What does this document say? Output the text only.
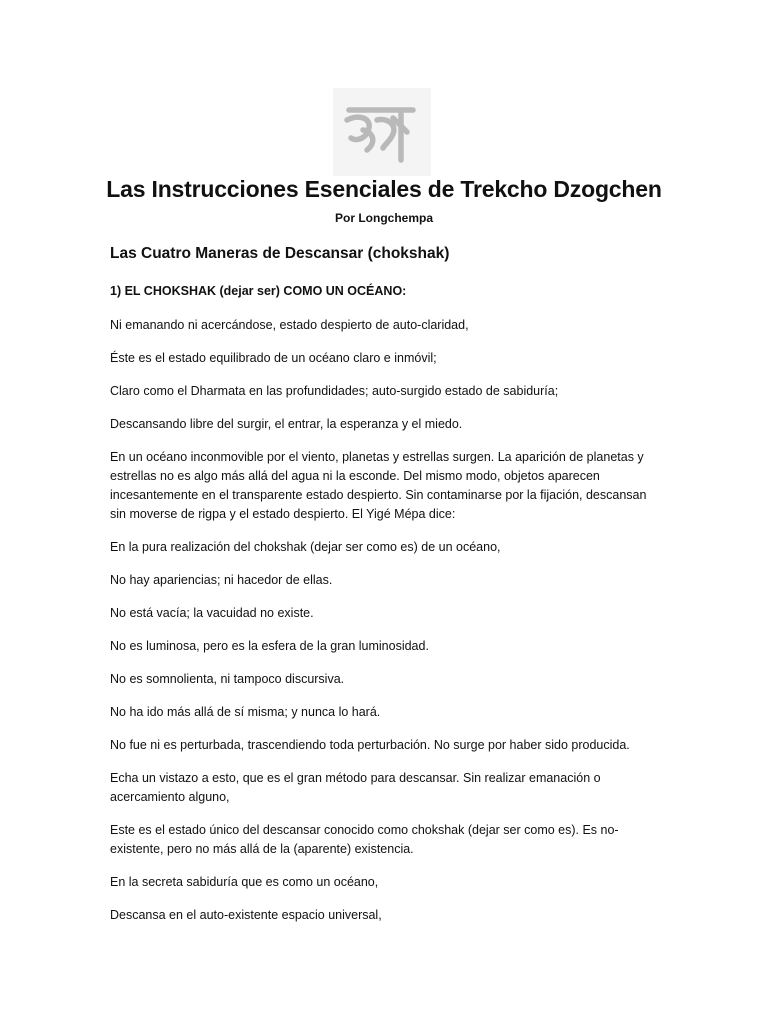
Las Instrucciones Esenciales de Trekcho Dzogchen
Por Longchempa
Las Cuatro Maneras de Descansar (chokshak)

1) EL CHOKSHAK (dejar ser) COMO UN OCÉANO:

Ni emanando ni acercándose, estado despierto de auto-claridad,

Éste es el estado equilibrado de un océano claro e inmóvil;

Claro como el Dharmata en las profundidades; auto-surgido estado de sabiduría;

Descansando libre del surgir, el entrar, la esperanza y el miedo.

En un océano inconmovible por el viento, planetas y estrellas surgen. La aparición de planetas y estrellas no es algo más allá del agua ni la esconde. Del mismo modo, objetos aparecen incesantemente en el transparente estado despierto. Sin contaminarse por la fijación, descansan sin moverse de rigpa y el estado despierto. El Yigé Mépa dice:

En la pura realización del chokshak (dejar ser como es) de un océano,

No hay apariencias; ni hacedor de ellas.

No está vacía; la vacuidad no existe.

No es luminosa, pero es la esfera de la gran luminosidad.

No es somnolienta, ni tampoco discursiva.

No ha ido más allá de sí misma; y nunca lo hará.

No fue ni es perturbada, trascendiendo toda perturbación. No surge por haber sido producida.

Echa un vistazo a esto, que es el gran método para descansar. Sin realizar emanación o acercamiento alguno,

Este es el estado único del descansar conocido como chokshak (dejar ser como es). Es no-existente, pero no más allá de la (aparente) existencia.

En la secreta sabiduría que es como un océano,

Descansa en el auto-existente espacio universal,
